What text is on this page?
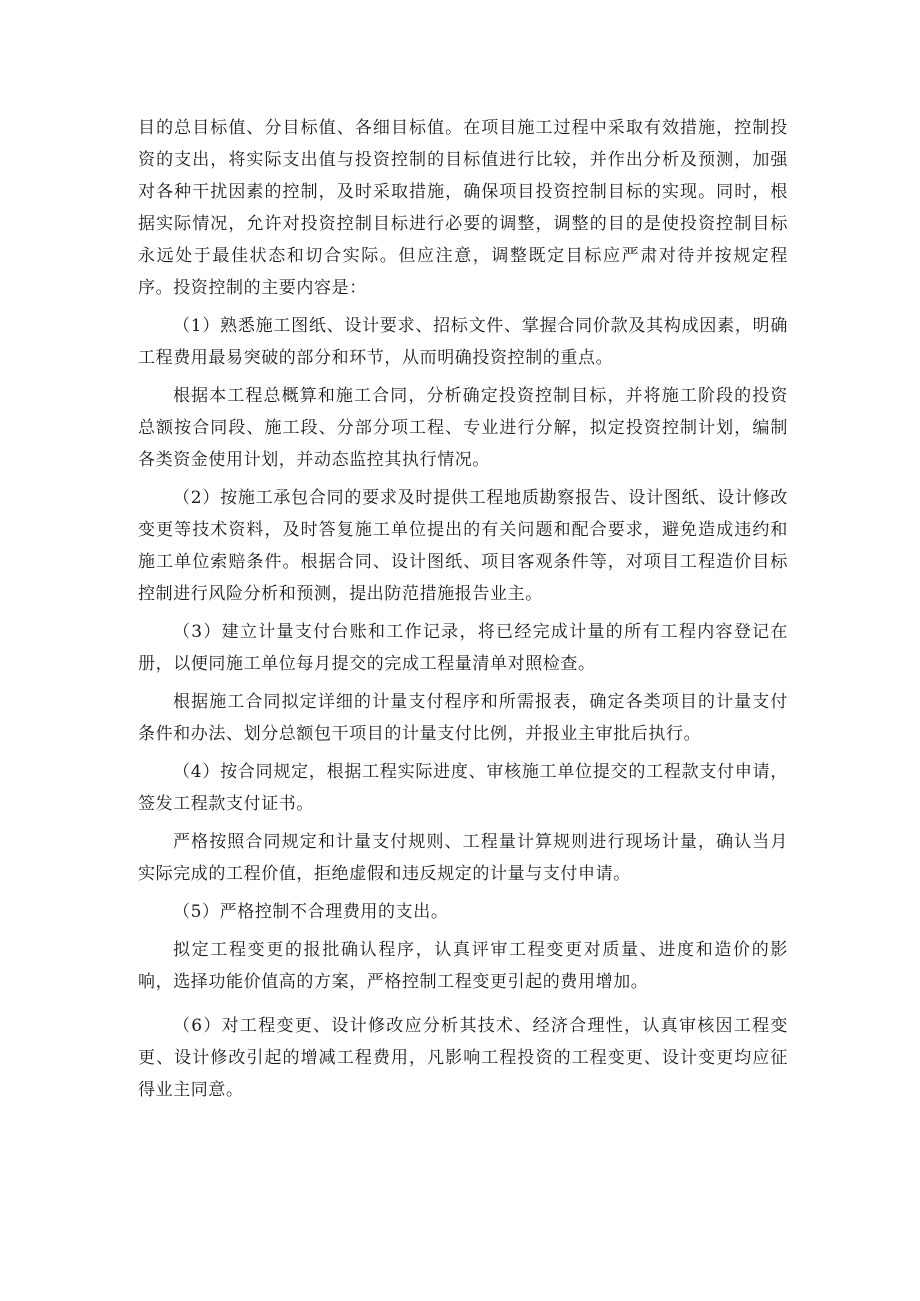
目的总目标值、分目标值、各细目标值。在项目施工过程中采取有效措施，控制投资的支出，将实际支出值与投资控制的目标值进行比较，并作出分析及预测，加强对各种干扰因素的控制，及时采取措施，确保项目投资控制目标的实现。同时，根据实际情况，允许对投资控制目标进行必要的调整，调整的目的是使投资控制目标永远处于最佳状态和切合实际。但应注意，调整既定目标应严肃对待并按规定程序。投资控制的主要内容是：

（1）熟悉施工图纸、设计要求、招标文件、掌握合同价款及其构成因素，明确工程费用最易突破的部分和环节，从而明确投资控制的重点。

根据本工程总概算和施工合同，分析确定投资控制目标，并将施工阶段的投资总额按合同段、施工段、分部分项工程、专业进行分解，拟定投资控制计划，编制各类资金使用计划，并动态监控其执行情况。

（2）按施工承包合同的要求及时提供工程地质勘察报告、设计图纸、设计修改变更等技术资料，及时答复施工单位提出的有关问题和配合要求，避免造成违约和施工单位索赔条件。根据合同、设计图纸、项目客观条件等，对项目工程造价目标控制进行风险分析和预测，提出防范措施报告业主。

（3）建立计量支付台账和工作记录，将已经完成计量的所有工程内容登记在册，以便同施工单位每月提交的完成工程量清单对照检查。

根据施工合同拟定详细的计量支付程序和所需报表，确定各类项目的计量支付条件和办法、划分总额包干项目的计量支付比例，并报业主审批后执行。

（4）按合同规定，根据工程实际进度、审核施工单位提交的工程款支付申请，签发工程款支付证书。

严格按照合同规定和计量支付规则、工程量计算规则进行现场计量，确认当月实际完成的工程价值，拒绝虚假和违反规定的计量与支付申请。

（5）严格控制不合理费用的支出。

拟定工程变更的报批确认程序，认真评审工程变更对质量、进度和造价的影响，选择功能价值高的方案，严格控制工程变更引起的费用增加。

（6）对工程变更、设计修改应分析其技术、经济合理性，认真审核因工程变更、设计修改引起的增减工程费用，凡影响工程投资的工程变更、设计变更均应征得业主同意。
